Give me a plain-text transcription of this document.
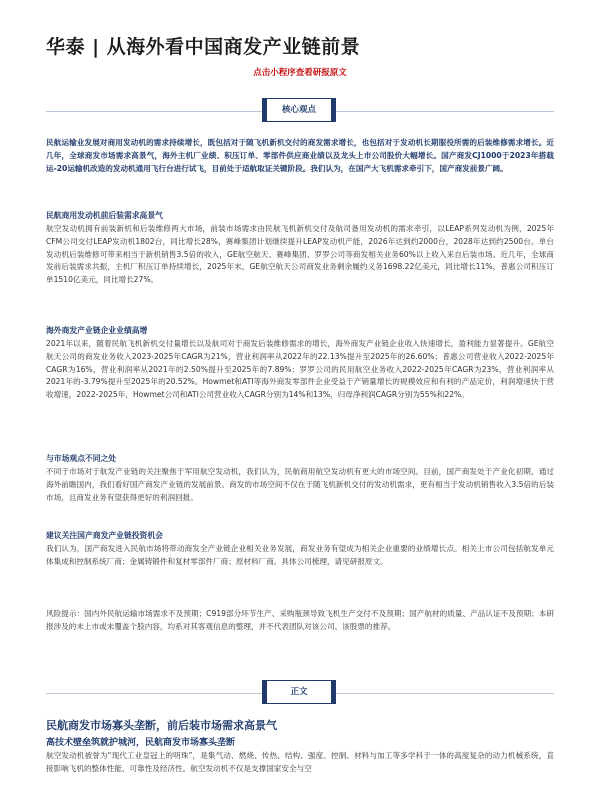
华泰 | 从海外看中国商发产业链前景
点击小程序查看研报原文
核心观点

民航运输业发展对商用发动机的需求持续增长，既包括对于随飞机新机交付的商发需求增长，也包括对于发动机长期服役所需的后装维修需求增长。近几年，全球商发市场需求高景气，海外主机厂业绩、积压订单、零部件供应商业绩以及龙头上市公司股价大幅增长。国产商发CJ1000于2023年搭载运-20运输机改造的发动机通用飞行台进行试飞，目前处于适航取证关键阶段。我们认为，在国产大飞机需求牵引下，国产商发前景广阔。

民航商用发动机前后装需求高景气

航空发动机拥有前装新机和后装维修两大市场，前装市场需求由民航飞机新机交付及航司备用发动机的需求牵引，以LEAP系列发动机为例，2025年CFM公司交付LEAP发动机1802台，同比增长28%，赛峰集团计划继续提升LEAP发动机产能，2026年达到约2000台，2028年达到约2500台。单台发动机后装维修可带来相当于新机销售3.5倍的收入，GE航空航天、赛峰集团、罗罗公司等商发相关业务60%以上收入来自后装市场。近几年，全球商发前后装需求共振，主机厂积压订单持续增长，2025年末，GE航空航天公司商发业务剩余履约义务1698.22亿美元，同比增长11%，普惠公司积压订单1510亿美元，同比增长27%。

海外商发产业链企业业绩高增

2021年以来，随着民航飞机新机交付量增长以及航司对于商发后装维修需求的增长，海外商发产业链企业收入快速增长，盈利能力显著提升。GE航空航天公司的商发业务收入2023-2025年CAGR为21%，营业利润率从2022年的22.13%提升至2025年的26.60%；普惠公司营业收入2022-2025年CAGR为16%，营业利润率从2021年的2.50%提升至2025年的7.89%；罗罗公司的民用航空业务收入2022-2025年CAGR为23%，营业利润率从2021年的-3.79%提升至2025年的20.52%。Howmet和ATI等海外商发零部件企业受益于产销量增长的规模效应和有利的产品定价，利润增速快于营收增速，2022-2025年，Howmet公司和ATI公司营业收入CAGR分别为14%和13%，归母净利润CAGR分别为55%和22%。

与市场观点不同之处

不同于市场对于航发产业链的关注聚焦于军用航空发动机，我们认为，民航商用航空发动机有更大的市场空间。目前，国产商发处于产业化初期，通过海外前瞻国内，我们看好国产商发产业链的发展前景。商发的市场空间不仅在于随飞机新机交付的发动机需求，更有相当于发动机销售收入3.5倍的后装市场，且商发业务有望获得更好的利润回报。

建议关注国产商发产业链投资机会

我们认为，国产商发进入民航市场将带动商发全产业链企业相关业务发展，商发业务有望成为相关企业重要的业绩增长点。相关上市公司包括航发单元体集成和控制系统厂商；金属铸锻件和复材零部件厂商；原材料厂商。具体公司梳理，请见研报原文。

风险提示：国内外民航运输市场需求不及预期；C919部分环节生产、采购瓶颈导致飞机生产交付不及预期；国产航材的质量、产品认证不及预期；本研报涉及的未上市或未覆盖个股内容，均系对其客观信息的整理，并不代表团队对该公司、该股票的推荐。

正文

民航商发市场寡头垄断，前后装市场需求高景气

高技术壁垒筑就护城河，民航商发市场寡头垄断

航空发动机被誉为“现代工业皇冠上的明珠”，是集气动、燃烧、传热、结构、强度、控制、材料与加工等多学科于一体的高度复杂的动力机械系统，直接影响飞机的整体性能、可靠性及经济性。航空发动机不仅是支撑国家安全与空
